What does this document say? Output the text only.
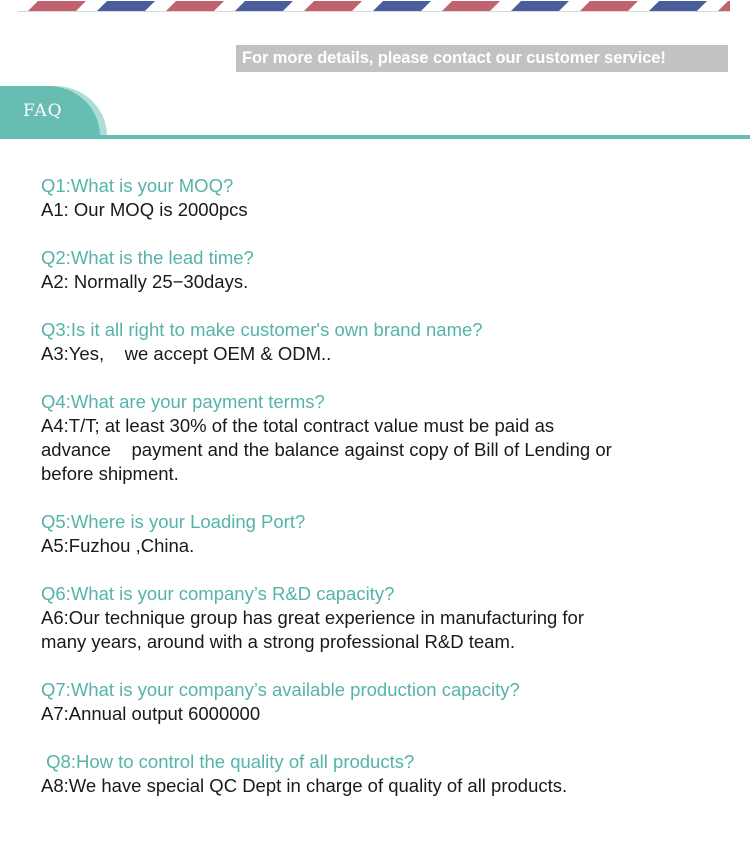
For more details, please contact our customer service!
FAQ
Q1:What is your MOQ?
A1: Our MOQ is 2000pcs
Q2:What is the lead time?
A2: Normally 25−30days.
Q3:Is it all right to make customer's own brand name?
A3:Yes,    we accept OEM & ODM..
Q4:What are your payment terms?
A4:T/T; at least 30% of the total contract value must be paid as
advance    payment and the balance against copy of Bill of Lending or
before shipment.
Q5:Where is your Loading Port?
A5:Fuzhou ,China.
Q6:What is your company’s R&D capacity?
A6:Our technique group has great experience in manufacturing for
many years, around with a strong professional R&D team.
Q7:What is your company’s available production capacity?
A7:Annual output 6000000
Q8:How to control the quality of all products?
A8:We have special QC Dept in charge of quality of all products.
